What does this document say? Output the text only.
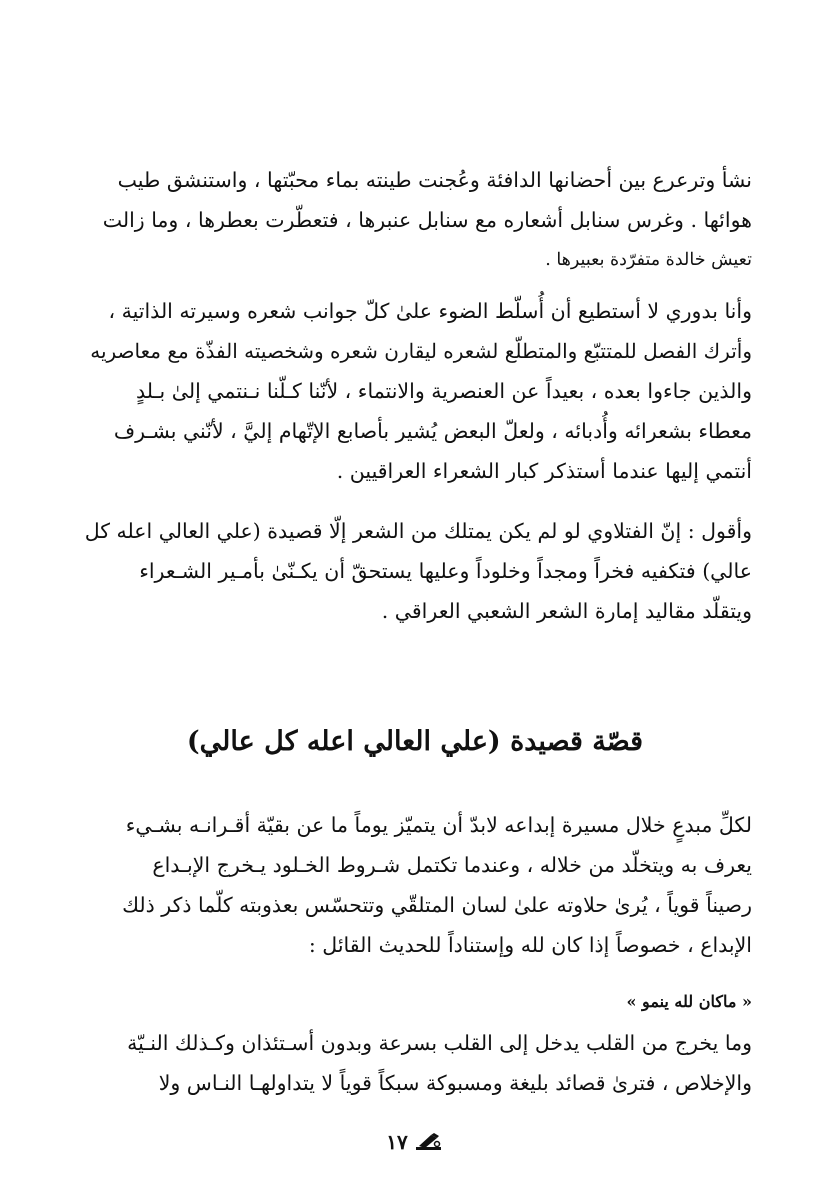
نشأ وترعرع بين أحضانها الدافئة وعُجنت طينته بماء محبّتها ، واستنشق طيب
هوائها . وغرس سنابل أشعاره مع سنابل عنبرها ، فتعطّرت بعطرها ، وما زالت
تعيش خالدة متفرّدة بعبيرها .
وأنا بدوري لا أستطيع أن أُسلّط الضوء علىٰ كلّ جوانب شعره وسيرته الذاتية ،
وأترك الفصل للمتتبّع والمتطلّع لشعره ليقارن شعره وشخصيته الفذّة مع معاصريه
والذين جاءوا بعده ، بعيداً عن العنصرية والانتماء ، لأنّنا كـلّنا نـنتمي إلىٰ بـلدٍ
معطاء بشعرائه وأُدبائه ، ولعلّ البعض يُشير بأصابع الإتّهام إليَّ ، لأنّني بشـرف
أنتمي إليها عندما أستذكر كبار الشعراء العراقيين .
وأقول : إنّ الفتلاوي لو لم يكن يمتلك من الشعر إلّا قصيدة (علي العالي اعله كل
عالي) فتكفيه فخراً ومجداً وخلوداً وعليها يستحقّ أن يكـنّىٰ بأمـير الشـعراء
ويتقلّد مقاليد إمارة الشعر الشعبي العراقي .
قصّة قصيدة (علي العالي اعله كل عالي)
لكلِّ مبدعٍ خلال مسيرة إبداعه لابدّ أن يتميّز يوماً ما عن بقيّة أقـرانـه بشـيء
يعرف به ويتخلّد من خلاله ، وعندما تكتمل شـروط الخـلود يـخرج الإبـداع
رصيناً قوياً ، يُرىٰ حلاوته علىٰ لسان المتلقّي وتتحسّس بعذوبته كلّما ذكر ذلك
الإبداع ، خصوصاً إذا كان لله وإستناداً للحديث القائل :
« ماكان لله ينمو »
وما يخرج من القلب يدخل إلى القلب بسرعة وبدون أسـتئذان وكـذلك النـيّة
والإخلاص ، فترىٰ قصائد بليغة ومسبوكة سبكاً قوياً لا يتداولهـا النـاس ولا
١٧
